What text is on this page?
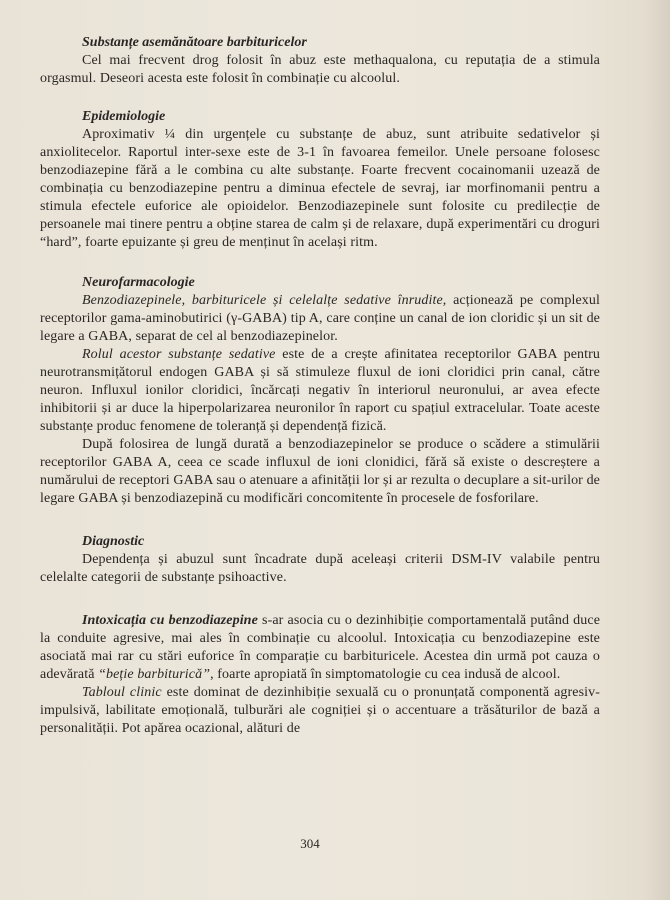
Substanțe asemănătoare barbituricelor

Cel mai frecvent drog folosit în abuz este methaqualona, cu reputația de a stimula orgasmul. Deseori acesta este folosit în combinație cu alcoolul.

Epidemiologie

Aproximativ ¼ din urgențele cu substanțe de abuz, sunt atribuite sedativelor și anxiolitecelor. Raportul inter-sexe este de 3-1 în favoarea femeilor. Unele persoane folosesc benzodiazepine fără a le combina cu alte substanțe. Foarte frecvent cocainomanii uzează de combinația cu benzodiazepine pentru a diminua efectele de sevraj, iar morfinomanii pentru a stimula efectele euforice ale opioidelor. Benzodiazepinele sunt folosite cu predilecție de persoanele mai tinere pentru a obține starea de calm și de relaxare, după experimentări cu droguri “hard”, foarte epuizante și greu de menținut în același ritm.

Neurofarmacologie

Benzodiazepinele, barbituricele și celelalțe sedative înrudite, acționează pe complexul receptorilor gama-aminobutirici (γ-GABA) tip A, care conține un canal de ion cloridic și un sit de legare a GABA, separat de cel al benzodiazepinelor.

Rolul acestor substanțe sedative este de a crește afinitatea receptorilor GABA pentru neurotransmițătorul endogen GABA și să stimuleze fluxul de ioni cloridici prin canal, către neuron. Influxul ionilor cloridici, încărcați negativ în interiorul neuronului, ar avea efecte inhibitorii și ar duce la hiperpolarizarea neuronilor în raport cu spațiul extracelular. Toate aceste substanțe produc fenomene de toleranță și dependență fizică.

După folosirea de lungă durată a benzodiazepinelor se produce o scădere a stimulării receptorilor GABA A, ceea ce scade influxul de ioni clonidici, fără să existe o descreștere a numărului de receptori GABA sau o atenuare a afinității lor și ar rezulta o decuplare a sit-urilor de legare GABA și benzodiazepină cu modificări concomitente în procesele de fosforilare.

Diagnostic

Dependența și abuzul sunt încadrate după aceleași criterii DSM-IV valabile pentru celelalte categorii de substanțe psihoactive.

Intoxicația cu benzodiazepine s-ar asocia cu o dezinhibiție comportamentală putând duce la conduite agresive, mai ales în combinație cu alcoolul. Intoxicația cu benzodiazepine este asociată mai rar cu stări euforice în comparație cu barbituricele. Acestea din urmă pot cauza o adevărată “beție barbiturică”, foarte apropiată în simptomatologie cu cea indusă de alcool.

Tabloul clinic este dominat de dezinhibiție sexuală cu o pronunțată componentă agresiv-impulsivă, labilitate emoțională, tulburări ale cogniției și o accentuare a trăsăturilor de bază a personalității. Pot apărea ocazional, alături de

304
